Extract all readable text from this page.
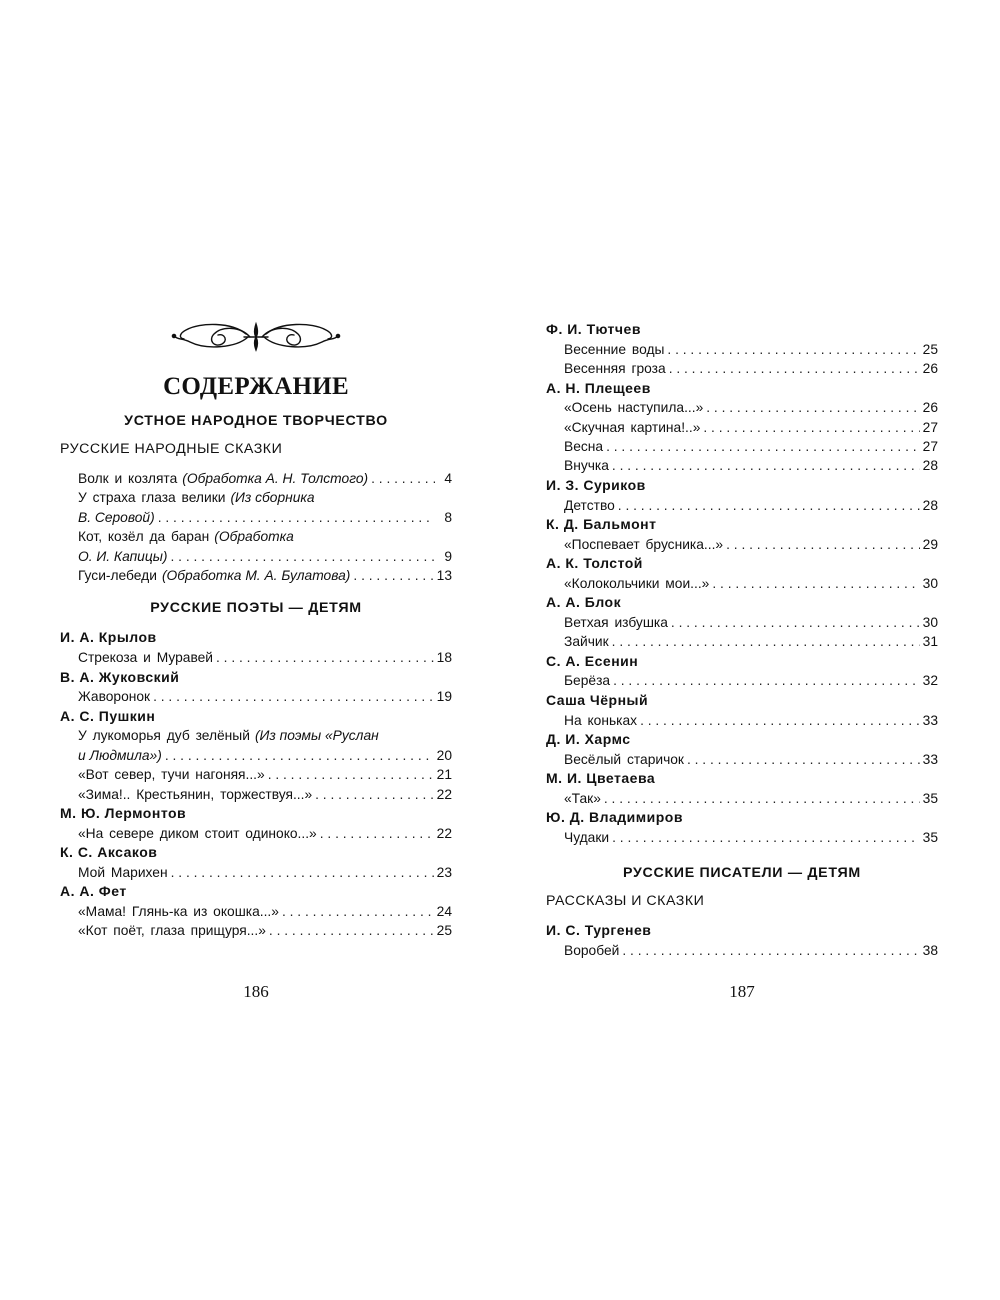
СОДЕРЖАНИЕ
УСТНОЕ НАРОДНОЕ ТВОРЧЕСТВО
РУССКИЕ НАРОДНЫЕ СКАЗКИ
Волк и козлята (Обработка А. Н. Толстого) . . .	4
У страха глаза велики (Из сборника
В. Серовой) . . .	8
Кот, козёл да баран (Обработка
О. И. Капицы) . . .	9
Гуси-лебеди (Обработка М. А. Булатова) . . .	13
РУССКИЕ ПОЭТЫ — ДЕТЯМ
И. А. Крылов
Стрекоза и Муравей . . .	18
В. А. Жуковский
Жаворонок . . .	19
А. С. Пушкин
У лукоморья дуб зелёный (Из поэмы «Руслан
и Людмила») . . .	20
«Вот север, тучи нагоняя...» . . .	21
«Зима!.. Крестьянин, торжествуя...» . . .	22
М. Ю. Лермонтов
«На севере диком стоит одиноко...» . . .	22
К. С. Аксаков
Мой Марихен . . .	23
А. А. Фет
«Мама! Глянь-ка из окошка...» . . .	24
«Кот поёт, глаза прищуря...» . . .	25
Ф. И. Тютчев
Весенние воды . . .	25
Весенняя гроза . . .	26
А. Н. Плещеев
«Осень наступила...» . . .	26
«Скучная картина!..» . . .	27
Весна . . .	27
Внучка . . .	28
И. З. Суриков
Детство . . .	28
К. Д. Бальмонт
«Поспевает брусника...» . . .	29
А. К. Толстой
«Колокольчики мои...» . . .	30
А. А. Блок
Ветхая избушка . . .	30
Зайчик . . .	31
С. А. Есенин
Берёза . . .	32
Саша Чёрный
На коньках . . .	33
Д. И. Хармс
Весёлый старичок . . .	33
М. И. Цветаева
«Так» . . .	35
Ю. Д. Владимиров
Чудаки . . .	35
РУССКИЕ ПИСАТЕЛИ — ДЕТЯМ
РАССКАЗЫ И СКАЗКИ
И. С. Тургенев
Воробей . . .	38
186	187
